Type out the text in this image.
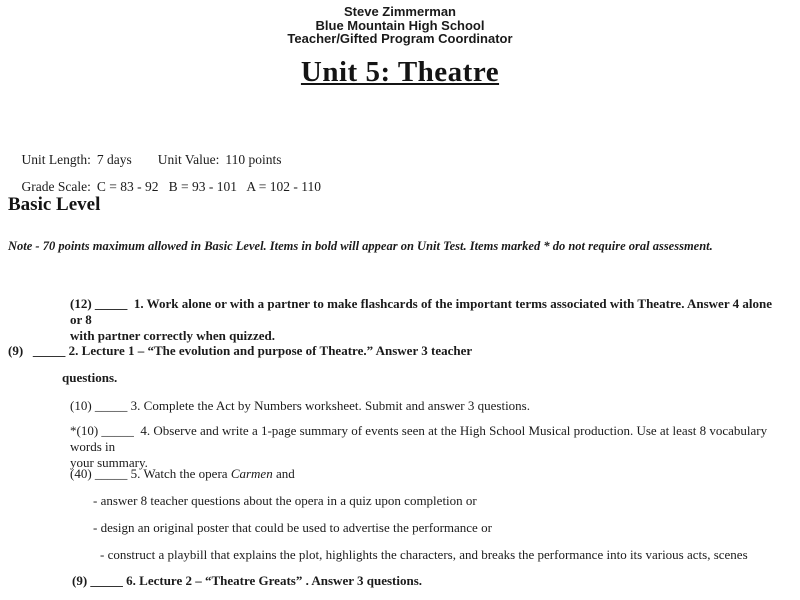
Steve Zimmerman
Blue Mountain High School
Teacher/Gifted Program Coordinator
Unit 5: Theatre

Unit Length: 7 days Unit Value: 110 points

Grade Scale: C = 83 - 92   B = 93 - 101   A = 102 - 110

Basic Level
Note - 70 points maximum allowed in Basic Level. Items in bold will appear on Unit Test. Items marked * do not require oral assessment.

(12) _____  1. Work alone or with a partner to make flashcards of the important terms associated with Theatre. Answer 4 alone or 8
with partner correctly when quizzed.

(9)   _____ 2. Lecture 1 – “The evolution and purpose of Theatre.” Answer 3 teacher

questions.

(10) _____ 3. Complete the Act by Numbers worksheet. Submit and answer 3 questions.

*(10) _____  4. Observe and write a 1-page summary of events seen at the High School Musical production. Use at least 8 vocabulary words in
your summary.

(40) _____ 5. Watch the opera Carmen and

- answer 8 teacher questions about the opera in a quiz upon completion or

- design an original poster that could be used to advertise the performance or

- construct a playbill that explains the plot, highlights the characters, and breaks the performance into its various acts, scenes

(9) _____ 6. Lecture 2 – “Theatre Greats” . Answer 3 questions.
